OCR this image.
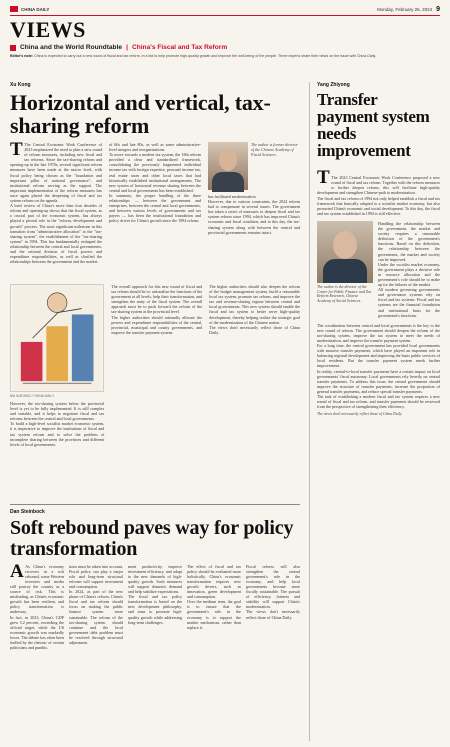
CHINA DAILY	Monday, February 26, 2024 9
VIEWS
China and the World Roundtable | China's Fiscal and Tax Reform
Editor's note: China is expected to carry out a new round of fiscal and tax reform, in a bid to help promote high-quality growth and improve the well-being of the people. Three experts share their views on the issue with China Daily.
Xu Kong
Horizontal and vertical, tax-sharing reform
T The Central Economic Work Conference of 2023 emphasized the need to plan a new round of reform measures, including new fiscal and tax reforms. Since the tax-sharing reform and opening-up in the late 1970s, several significant reform measures have been made at the macro level, with fiscal policy being chosen as the "foundation and important pillar of national governance", and institutional reform serving as the support. The important implementation of the reform measures has once again placed the deepening of fiscal and tax system reform on the agenda.
A brief review of China's more than four decades of reform and opening-up shows that the fiscal system, as a crucial part of the economic system, has always played a pivotal role in the "reform, development and growth" process. The most significant milestone in this transition from "administrative allocation" to the "tax-sharing system", the establishment of the "tax-sharing system" in 1994. This has fundamentally reshaped the relationship between the central and local governments, and the rational division of fiscal powers and expenditure responsibilities, as well as clarified the relationships between the government and the market.
of 60s and late 80s, as well as some administrative-level mergers and reorganizations.
To move towards a modern tax system, the 18th reform provided a clear and standardized framework, consolidating the previously fragmented individual income tax with foreign expertise, personal income tax, real estate taxes and other local taxes that had historically established institutional arrangements. The new system of horizontal revenue sharing between the central and local governments has been established.
In summary, the proper handling of the three relationships — between the government and enterprises, between the central and local governments, and between various levels of governments and tax payers — has been the institutional foundation and policy driver for China's growth since the 1994 reform.
The author is former director of the Chinese Academy of Fiscal Sciences.
has facilitated modernization.
However, due to various constraints, the 2024 reform had to compensate in several issues. The government has taken a series of measures to deepen fiscal and tax system reform since 1994, which has improved China's economic and fiscal condition, and to this day, the tax-sharing system along with between the central and provincial governments remains intact.
MA XUEJING / CHINA DAILY
However, the tax-sharing system below the provincial level is yet to be fully implemented. It is still complex and variable, and it helps to negotiate fiscal and tax reforms between the central and local governments.
To build a high-level socialist market economic system, it is imperative to improve the institutions of fiscal and tax system reform and to solve the problem of incomplete sharing between the provinces and different levels of local governments.
The overall approach for this new round of fiscal and tax reform should be to: rationalize the functions of the government at all levels, help their transformation, and strengthen the unity of the fiscal system. The overall approach must be to push forward the reform of the tax-sharing system at the provincial level.
The higher authorities should rationally allocate the powers and expenditure responsibilities of the central, provincial, municipal and county governments, and improve the transfer payment system.
The higher authorities should also deepen the reform of the budget management system, build a reasonable local tax system, promote tax reform, and improve the tax and revenue-sharing regime between central and local governments. This new system should enable the fiscal and tax system to better serve high-quality development, thereby helping realize the strategic goal of the modernization of the Chinese nation.
The views don't necessarily reflect those of China Daily.
Dan Steinbock
Soft rebound paves way for policy transformation
A As China's economy recovers in a soft rebound, some Western investors and media still portray the country as a source of risk. This is misleading, as China's economic growth has been resilient, and policy transformation is underway.
In fact, in 2023, China's GDP grew 5.2 percent, exceeding the official target, while the US economic growth was markedly lower. The debate has often been fuelled by the rhetoric of certain politicians and pundits.
tions must be taken into account. Fiscal policy can play a major role and long-term structural reforms will support investment and consumption.
In 2024, as part of the new phase of China's reform, China's fiscal and tax reform should focus on making the public finance system more sustainable. The reform of the tax-sharing system should continue and the local government debt problem must be resolved through structural adjustment.
ment productivity, improve investment efficiency, and adapt to the new demands of high-quality growth. Such measures will support domestic demand and help stabilize expectations.
The fiscal and tax policy transformation is based on the new development philosophy, and aims to promote high-quality growth while addressing long-term challenges.
The effect of fiscal and tax policy should be evaluated more holistically. China's economic transformation requires new growth drivers, such as innovation, green development and consumption.
Over the medium term, the goal is to ensure that the government's role in the economy is to support the market mechanism, rather than replace it.
Fiscal reform will also strengthen the central government's role in the economy, and help local governments become more fiscally sustainable. The pursuit of efficiency, fairness and stability will support China's modernization.
The views don't necessarily reflect those of China Daily.
Yang Zhiyong
Transfer payment system needs improvement

T The 2023 Central Economic Work Conference proposed a new round of fiscal and tax reform. Together with the reform measures to further deepen reform, this will facilitate high-quality development and strengthen Chinese-path to modernization.
The fiscal and tax reform of 1994 not only helped establish a fiscal and tax framework that basically adapted to a socialist market economy, but also promoted China's economic and social development. To this day, the fiscal and tax system established in 1994 is still effective.

The author is the director of the Center for Public Finance and Tax Reform Research, Chinese Academy of Social Sciences.
Handling the relationship between the government, the market and society requires a reasonable definition of the government's functions. Based on this definition, the relationship between the government, the market and society can be improved.
Under the socialist market economy, the government plays a decisive role in resource allocation and the government's role should be to make up for the failures of the market.
All modern governing governments and governance systems rely on fiscal and tax systems. Fiscal and tax systems are the financial foundation and institutional basis for the government's functions.
The coordination between central and local governments is the key to the new round of reform. The government should deepen the reform of the tax-sharing system, improve the tax system to meet the needs of modernization, and improve the transfer payment system.
For a long time, the central government has provided local governments with massive transfer payments, which have played an important role in balancing regional development and improving the basic public services of local residents. But the transfer payment system needs further improvement.
In reality, central-to-local transfer payments have a certain impact on local governments' fiscal autonomy. Local governments rely heavily on central transfer payments. To address this issue, the central government should improve the structure of transfer payments, increase the proportion of general transfer payments, and reduce special transfer payments.
The task of establishing a modern fiscal and tax system requires a new round of fiscal and tax reform, and transfer payments should be reviewed from the perspective of strengthening their efficiency.
The views don't necessarily reflect those of China Daily.
